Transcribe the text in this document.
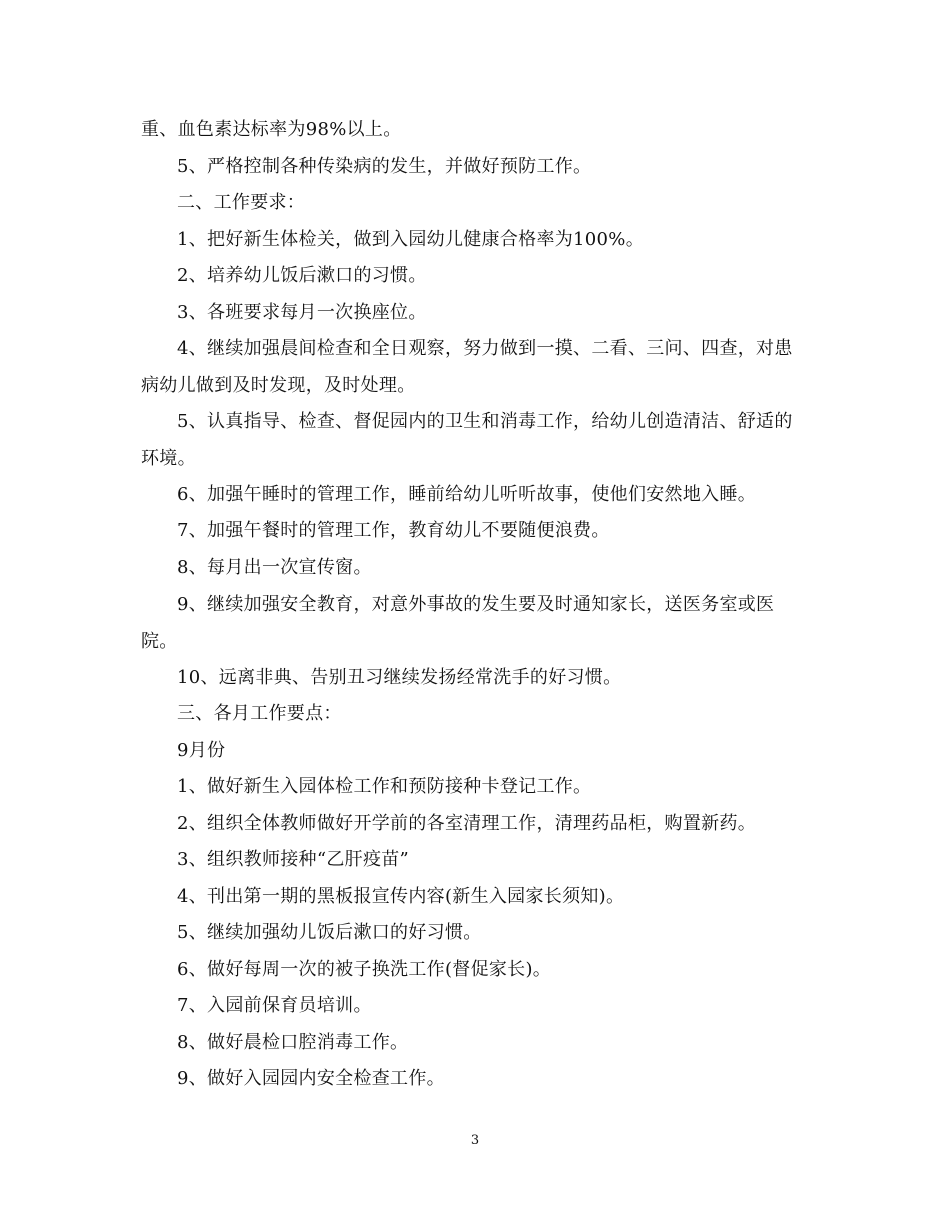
重、血色素达标率为98%以上。

5、严格控制各种传染病的发生，并做好预防工作。

二、工作要求：

1、把好新生体检关，做到入园幼儿健康合格率为100%。

2、培养幼儿饭后漱口的习惯。

3、各班要求每月一次换座位。

4、继续加强晨间检查和全日观察，努力做到一摸、二看、三问、四查，对患病幼儿做到及时发现，及时处理。

5、认真指导、检查、督促园内的卫生和消毒工作，给幼儿创造清洁、舒适的环境。

6、加强午睡时的管理工作，睡前给幼儿听听故事，使他们安然地入睡。

7、加强午餐时的管理工作，教育幼儿不要随便浪费。

8、每月出一次宣传窗。

9、继续加强安全教育，对意外事故的发生要及时通知家长，送医务室或医院。

10、远离非典、告别丑习继续发扬经常洗手的好习惯。

三、各月工作要点：

9月份

1、做好新生入园体检工作和预防接种卡登记工作。

2、组织全体教师做好开学前的各室清理工作，清理药品柜，购置新药。

3、组织教师接种“乙肝疫苗”

4、刊出第一期的黑板报宣传内容(新生入园家长须知)。

5、继续加强幼儿饭后漱口的好习惯。

6、做好每周一次的被子换洗工作(督促家长)。

7、入园前保育员培训。

8、做好晨检口腔消毒工作。

9、做好入园园内安全检查工作。

3
